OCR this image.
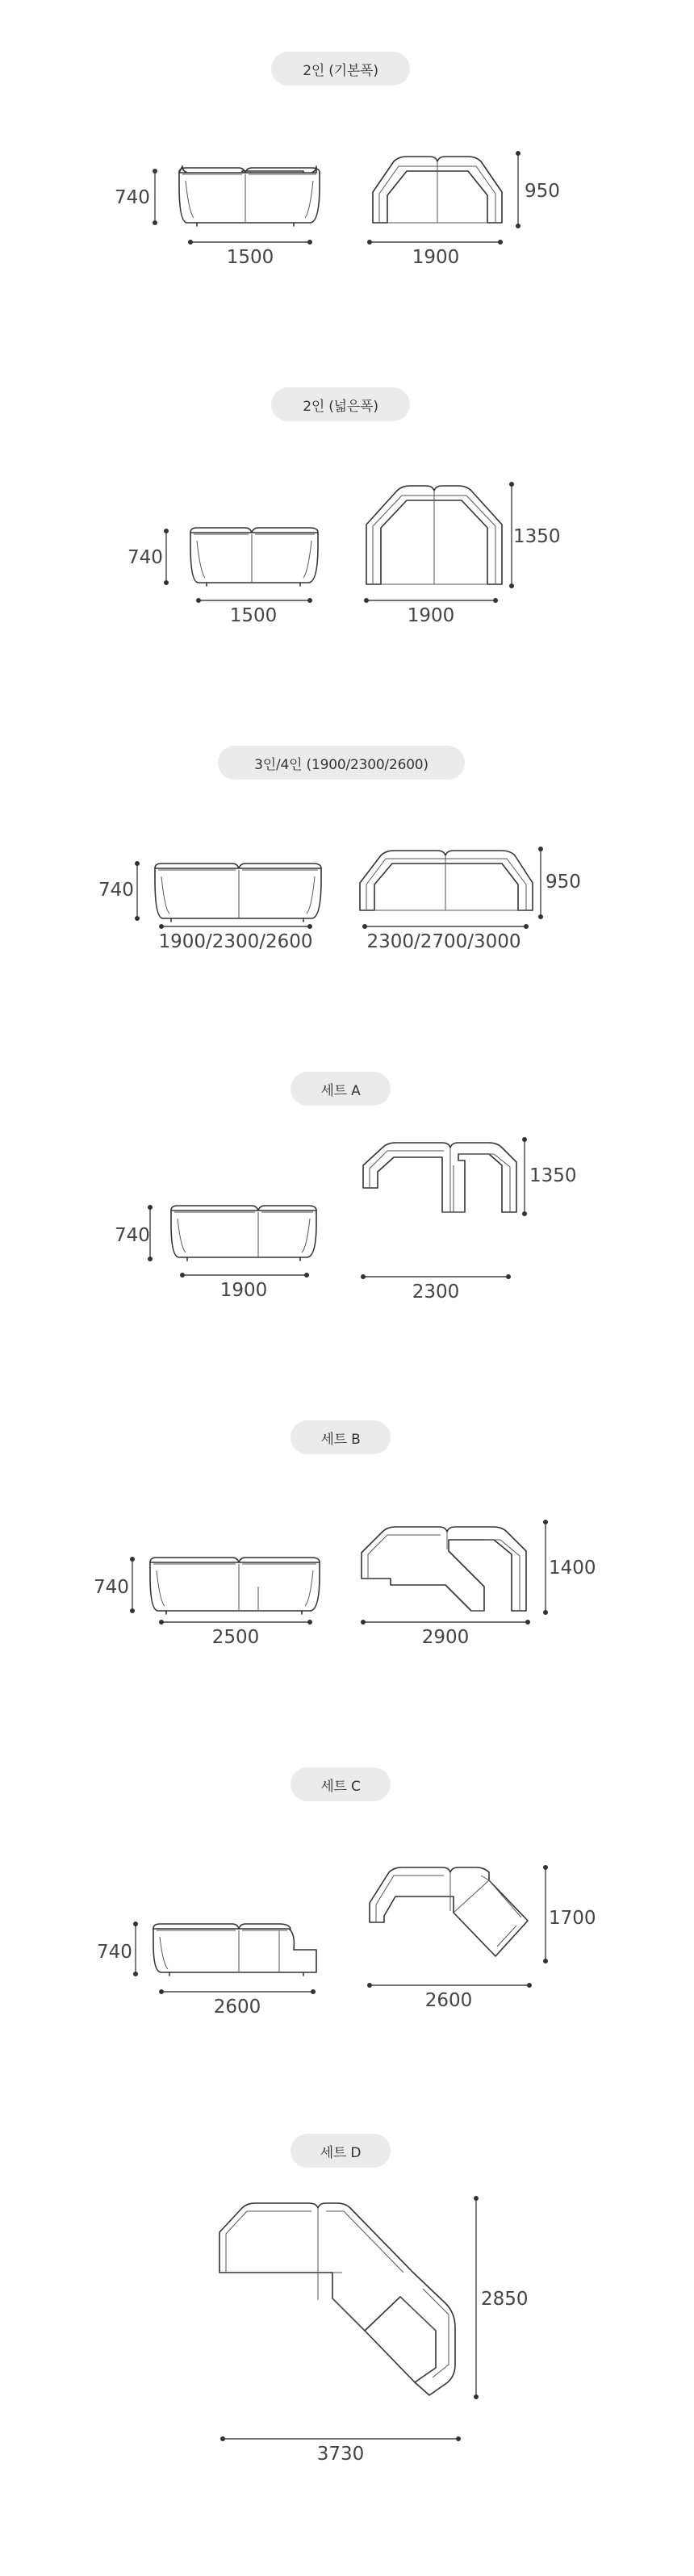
2인 (기본폭)
740
1500
950
1900
2인 (넓은폭)
740
1500
1350
1900
3인/4인 (1900/2300/2600)
740
1900/2300/2600
950
2300/2700/3000
세트 A
740
1900
1350
2300
세트 B
740
2500
1400
2900
세트 C
740
2600
1700
2600
세트 D
2850
3730
